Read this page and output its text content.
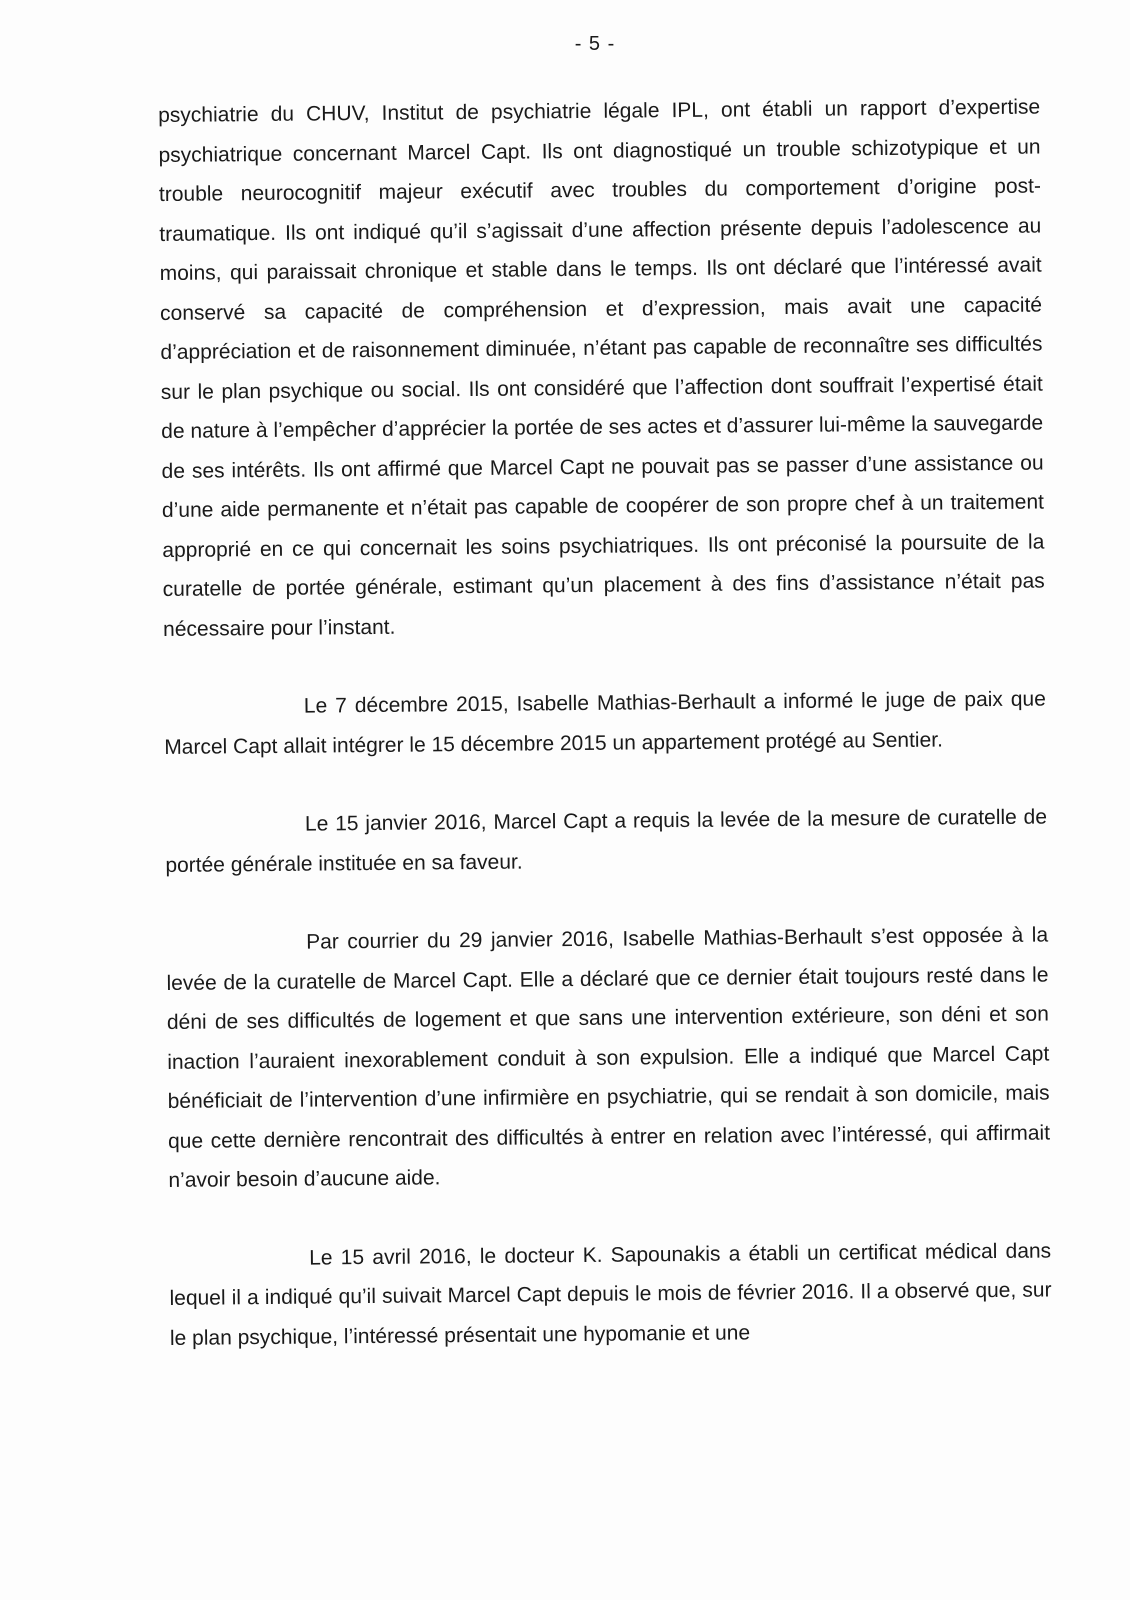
- 5 -

psychiatrie du CHUV, Institut de psychiatrie légale IPL, ont établi un rapport d’expertise psychiatrique concernant Marcel Capt. Ils ont diagnostiqué un trouble schizotypique et un trouble neurocognitif majeur exécutif avec troubles du comportement d’origine post-traumatique. Ils ont indiqué qu’il s’agissait d’une affection présente depuis l’adolescence au moins, qui paraissait chronique et stable dans le temps. Ils ont déclaré que l’intéressé avait conservé sa capacité de compréhension et d’expression, mais avait une capacité d’appréciation et de raisonnement diminuée, n’étant pas capable de reconnaître ses difficultés sur le plan psychique ou social. Ils ont considéré que l’affection dont souffrait l’expertisé était de nature à l’empêcher d’apprécier la portée de ses actes et d’assurer lui-même la sauvegarde de ses intérêts. Ils ont affirmé que Marcel Capt ne pouvait pas se passer d’une assistance ou d’une aide permanente et n’était pas capable de coopérer de son propre chef à un traitement approprié en ce qui concernait les soins psychiatriques. Ils ont préconisé la poursuite de la curatelle de portée générale, estimant qu’un placement à des fins d’assistance n’était pas nécessaire pour l’instant.

Le 7 décembre 2015, Isabelle Mathias-Berhault a informé le juge de paix que Marcel Capt allait intégrer le 15 décembre 2015 un appartement protégé au Sentier.

Le 15 janvier 2016, Marcel Capt a requis la levée de la mesure de curatelle de portée générale instituée en sa faveur.

Par courrier du 29 janvier 2016, Isabelle Mathias-Berhault s’est opposée à la levée de la curatelle de Marcel Capt. Elle a déclaré que ce dernier était toujours resté dans le déni de ses difficultés de logement et que sans une intervention extérieure, son déni et son inaction l’auraient inexorablement conduit à son expulsion. Elle a indiqué que Marcel Capt bénéficiait de l’intervention d’une infirmière en psychiatrie, qui se rendait à son domicile, mais que cette dernière rencontrait des difficultés à entrer en relation avec l’intéressé, qui affirmait n’avoir besoin d’aucune aide.

Le 15 avril 2016, le docteur K. Sapounakis a établi un certificat médical dans lequel il a indiqué qu’il suivait Marcel Capt depuis le mois de février 2016. Il a observé que, sur le plan psychique, l’intéressé présentait une hypomanie et une
